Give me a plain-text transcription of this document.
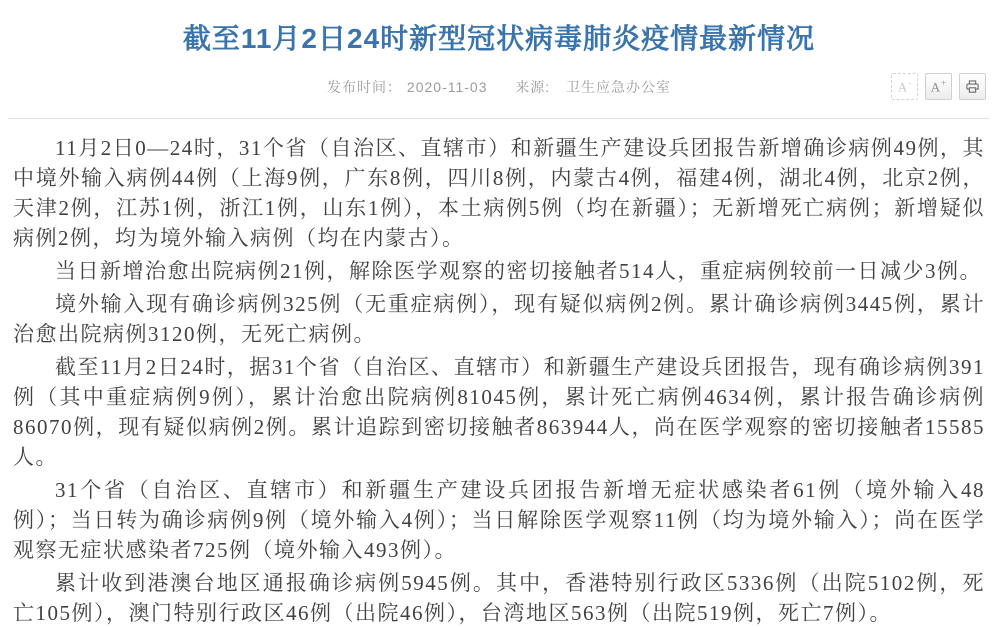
截至11月2日24时新型冠状病毒肺炎疫情最新情况
发布时间： 2020-11-03 来源: 卫生应急办公室	A- A+

11月2日0—24时，31个省（自治区、直辖市）和新疆生产建设兵团报告新增确诊病例49例，其中境外输入病例44例（上海9例，广东8例，四川8例，内蒙古4例，福建4例，湖北4例，北京2例，天津2例，江苏1例，浙江1例，山东1例），本土病例5例（均在新疆）；无新增死亡病例；新增疑似病例2例，均为境外输入病例（均在内蒙古）。

当日新增治愈出院病例21例，解除医学观察的密切接触者514人，重症病例较前一日减少3例。

境外输入现有确诊病例325例（无重症病例），现有疑似病例2例。累计确诊病例3445例，累计治愈出院病例3120例，无死亡病例。

截至11月2日24时，据31个省（自治区、直辖市）和新疆生产建设兵团报告，现有确诊病例391例（其中重症病例9例），累计治愈出院病例81045例，累计死亡病例4634例，累计报告确诊病例86070例，现有疑似病例2例。累计追踪到密切接触者863944人，尚在医学观察的密切接触者15585人。

31个省（自治区、直辖市）和新疆生产建设兵团报告新增无症状感染者61例（境外输入48例）；当日转为确诊病例9例（境外输入4例）；当日解除医学观察11例（均为境外输入）；尚在医学观察无症状感染者725例（境外输入493例）。

累计收到港澳台地区通报确诊病例5945例。其中，香港特别行政区5336例（出院5102例，死亡105例），澳门特别行政区46例（出院46例），台湾地区563例（出院519例，死亡7例）。
